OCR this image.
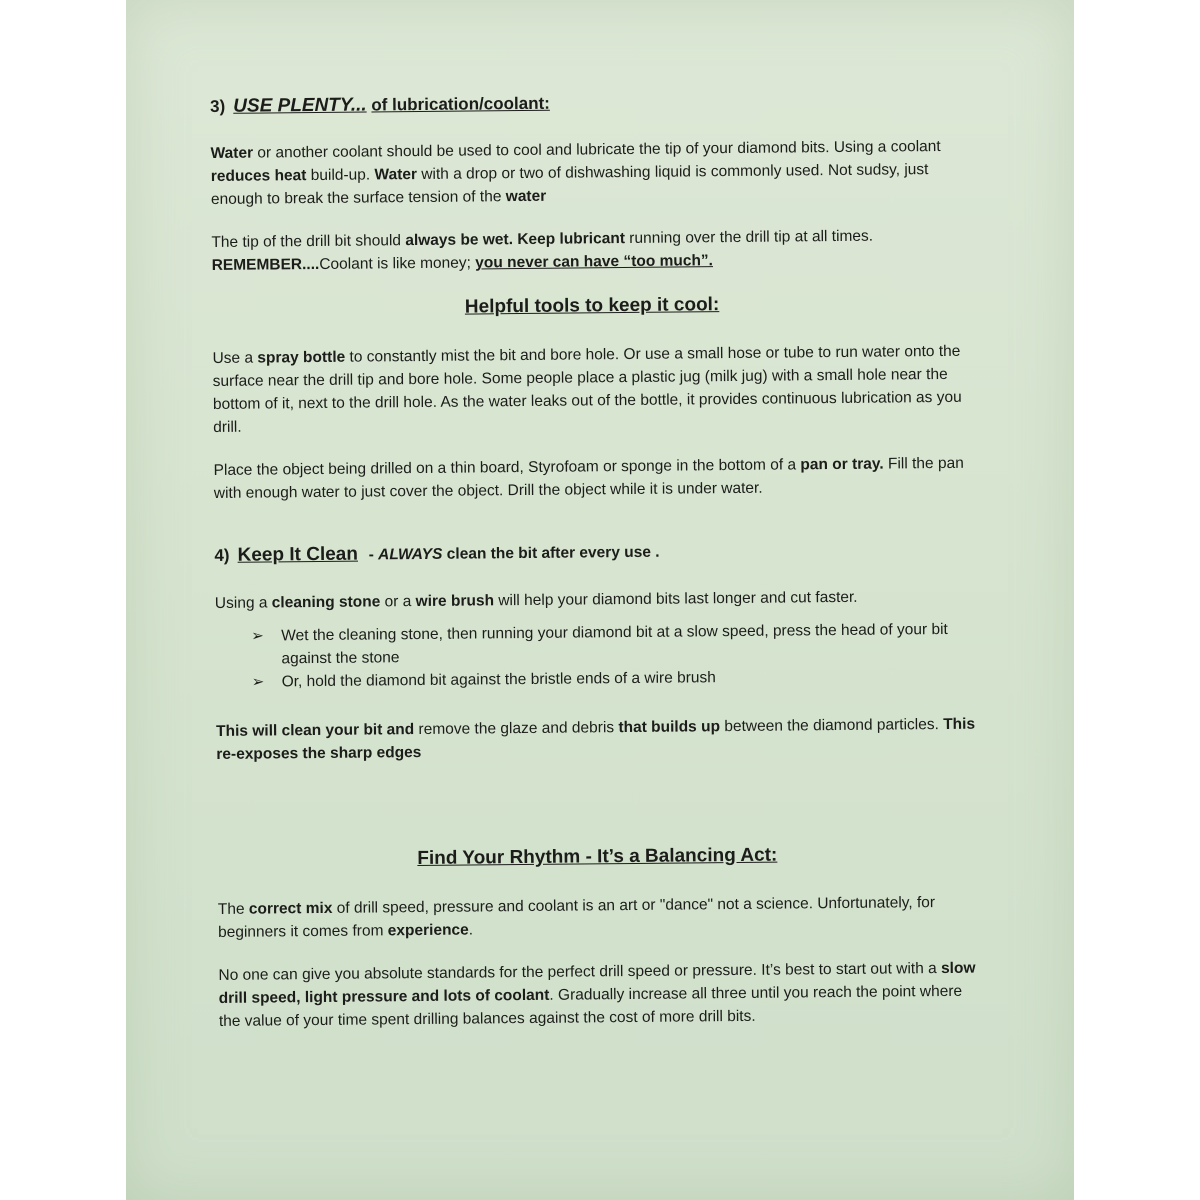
3) USE PLENTY... of lubrication/coolant:

Water or another coolant should be used to cool and lubricate the tip of your diamond bits. Using a coolant reduces heat build-up. Water with a drop or two of dishwashing liquid is commonly used. Not sudsy, just enough to break the surface tension of the water

The tip of the drill bit should always be wet. Keep lubricant running over the drill tip at all times. REMEMBER....Coolant is like money; you never can have “too much”.

Helpful tools to keep it cool:

Use a spray bottle to constantly mist the bit and bore hole. Or use a small hose or tube to run water onto the surface near the drill tip and bore hole. Some people place a plastic jug (milk jug) with a small hole near the bottom of it, next to the drill hole. As the water leaks out of the bottle, it provides continuous lubrication as you drill.

Place the object being drilled on a thin board, Styrofoam or sponge in the bottom of a pan or tray. Fill the pan with enough water to just cover the object. Drill the object while it is under water.

4) Keep It Clean - ALWAYS clean the bit after every use .

Using a cleaning stone or a wire brush will help your diamond bits last longer and cut faster.

➢ Wet the cleaning stone, then running your diamond bit at a slow speed, press the head of your bit against the stone
➢ Or, hold the diamond bit against the bristle ends of a wire brush

This will clean your bit and remove the glaze and debris that builds up between the diamond particles. This re-exposes the sharp edges

Find Your Rhythm - It’s a Balancing Act:

The correct mix of drill speed, pressure and coolant is an art or "dance" not a science. Unfortunately, for beginners it comes from experience.

No one can give you absolute standards for the perfect drill speed or pressure. It’s best to start out with a slow drill speed, light pressure and lots of coolant. Gradually increase all three until you reach the point where the value of your time spent drilling balances against the cost of more drill bits.
